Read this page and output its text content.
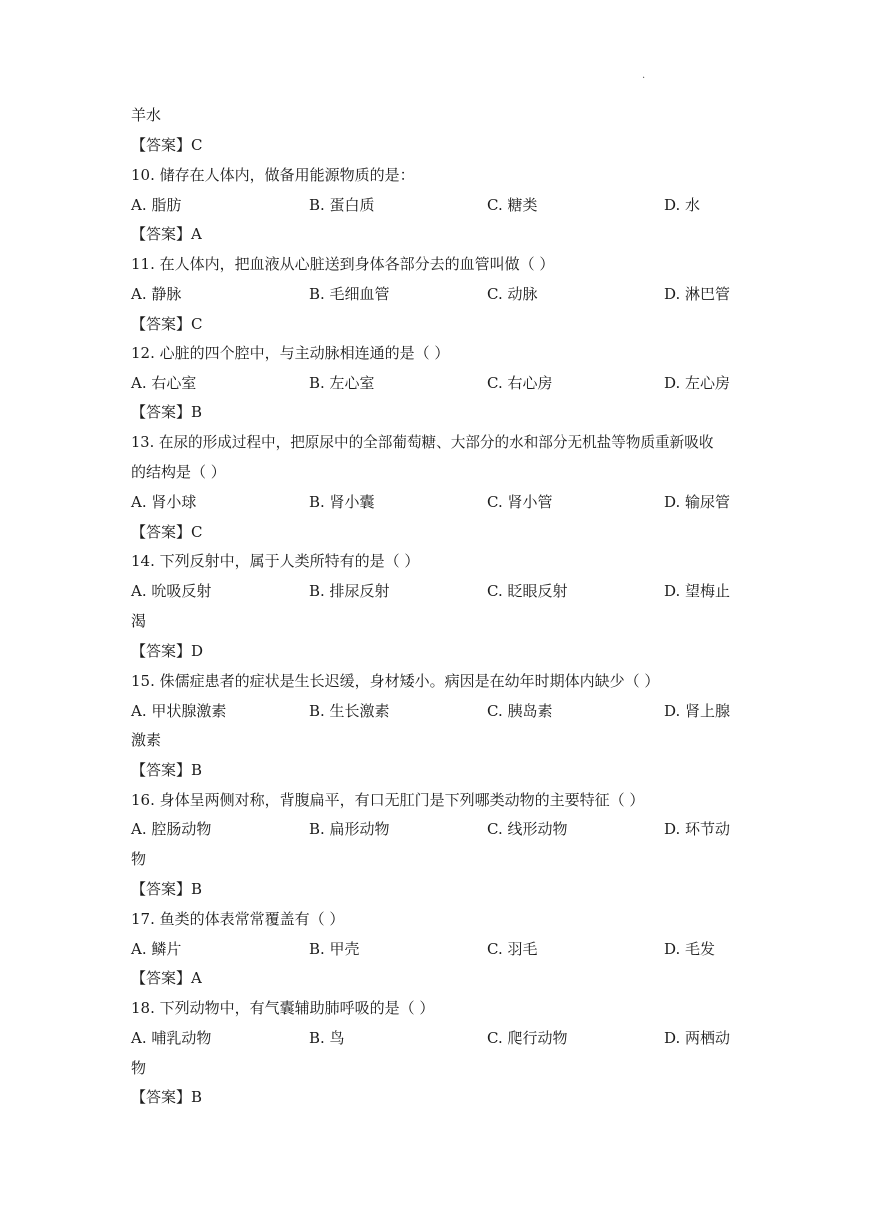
.
羊水
【答案】C
10. 储存在人体内，做备用能源物质的是：
A. 脂肪	B. 蛋白质	C. 糖类	D. 水
【答案】A
11. 在人体内，把血液从心脏送到身体各部分去的血管叫做（ ）
A. 静脉	B. 毛细血管	C. 动脉	D. 淋巴管
【答案】C
12. 心脏的四个腔中，与主动脉相连通的是（ ）
A. 右心室	B. 左心室	C. 右心房	D. 左心房
【答案】B
13. 在尿的形成过程中，把原尿中的全部葡萄糖、大部分的水和部分无机盐等物质重新吸收
的结构是（ ）
A. 肾小球	B. 肾小囊	C. 肾小管	D. 输尿管
【答案】C
14. 下列反射中，属于人类所特有的是（ ）
A. 吮吸反射	B. 排尿反射	C. 眨眼反射	D. 望梅止
渴
【答案】D
15. 侏儒症患者的症状是生长迟缓，身材矮小。病因是在幼年时期体内缺少（ ）
A. 甲状腺激素	B. 生长激素	C. 胰岛素	D. 肾上腺
激素
【答案】B
16. 身体呈两侧对称，背腹扁平，有口无肛门是下列哪类动物的主要特征（ ）
A. 腔肠动物	B. 扁形动物	C. 线形动物	D. 环节动
物
【答案】B
17. 鱼类的体表常常覆盖有（ ）
A. 鳞片	B. 甲壳	C. 羽毛	D. 毛发
【答案】A
18. 下列动物中，有气囊辅助肺呼吸的是（ ）
A. 哺乳动物	B. 鸟	C. 爬行动物	D. 两栖动
物
【答案】B
